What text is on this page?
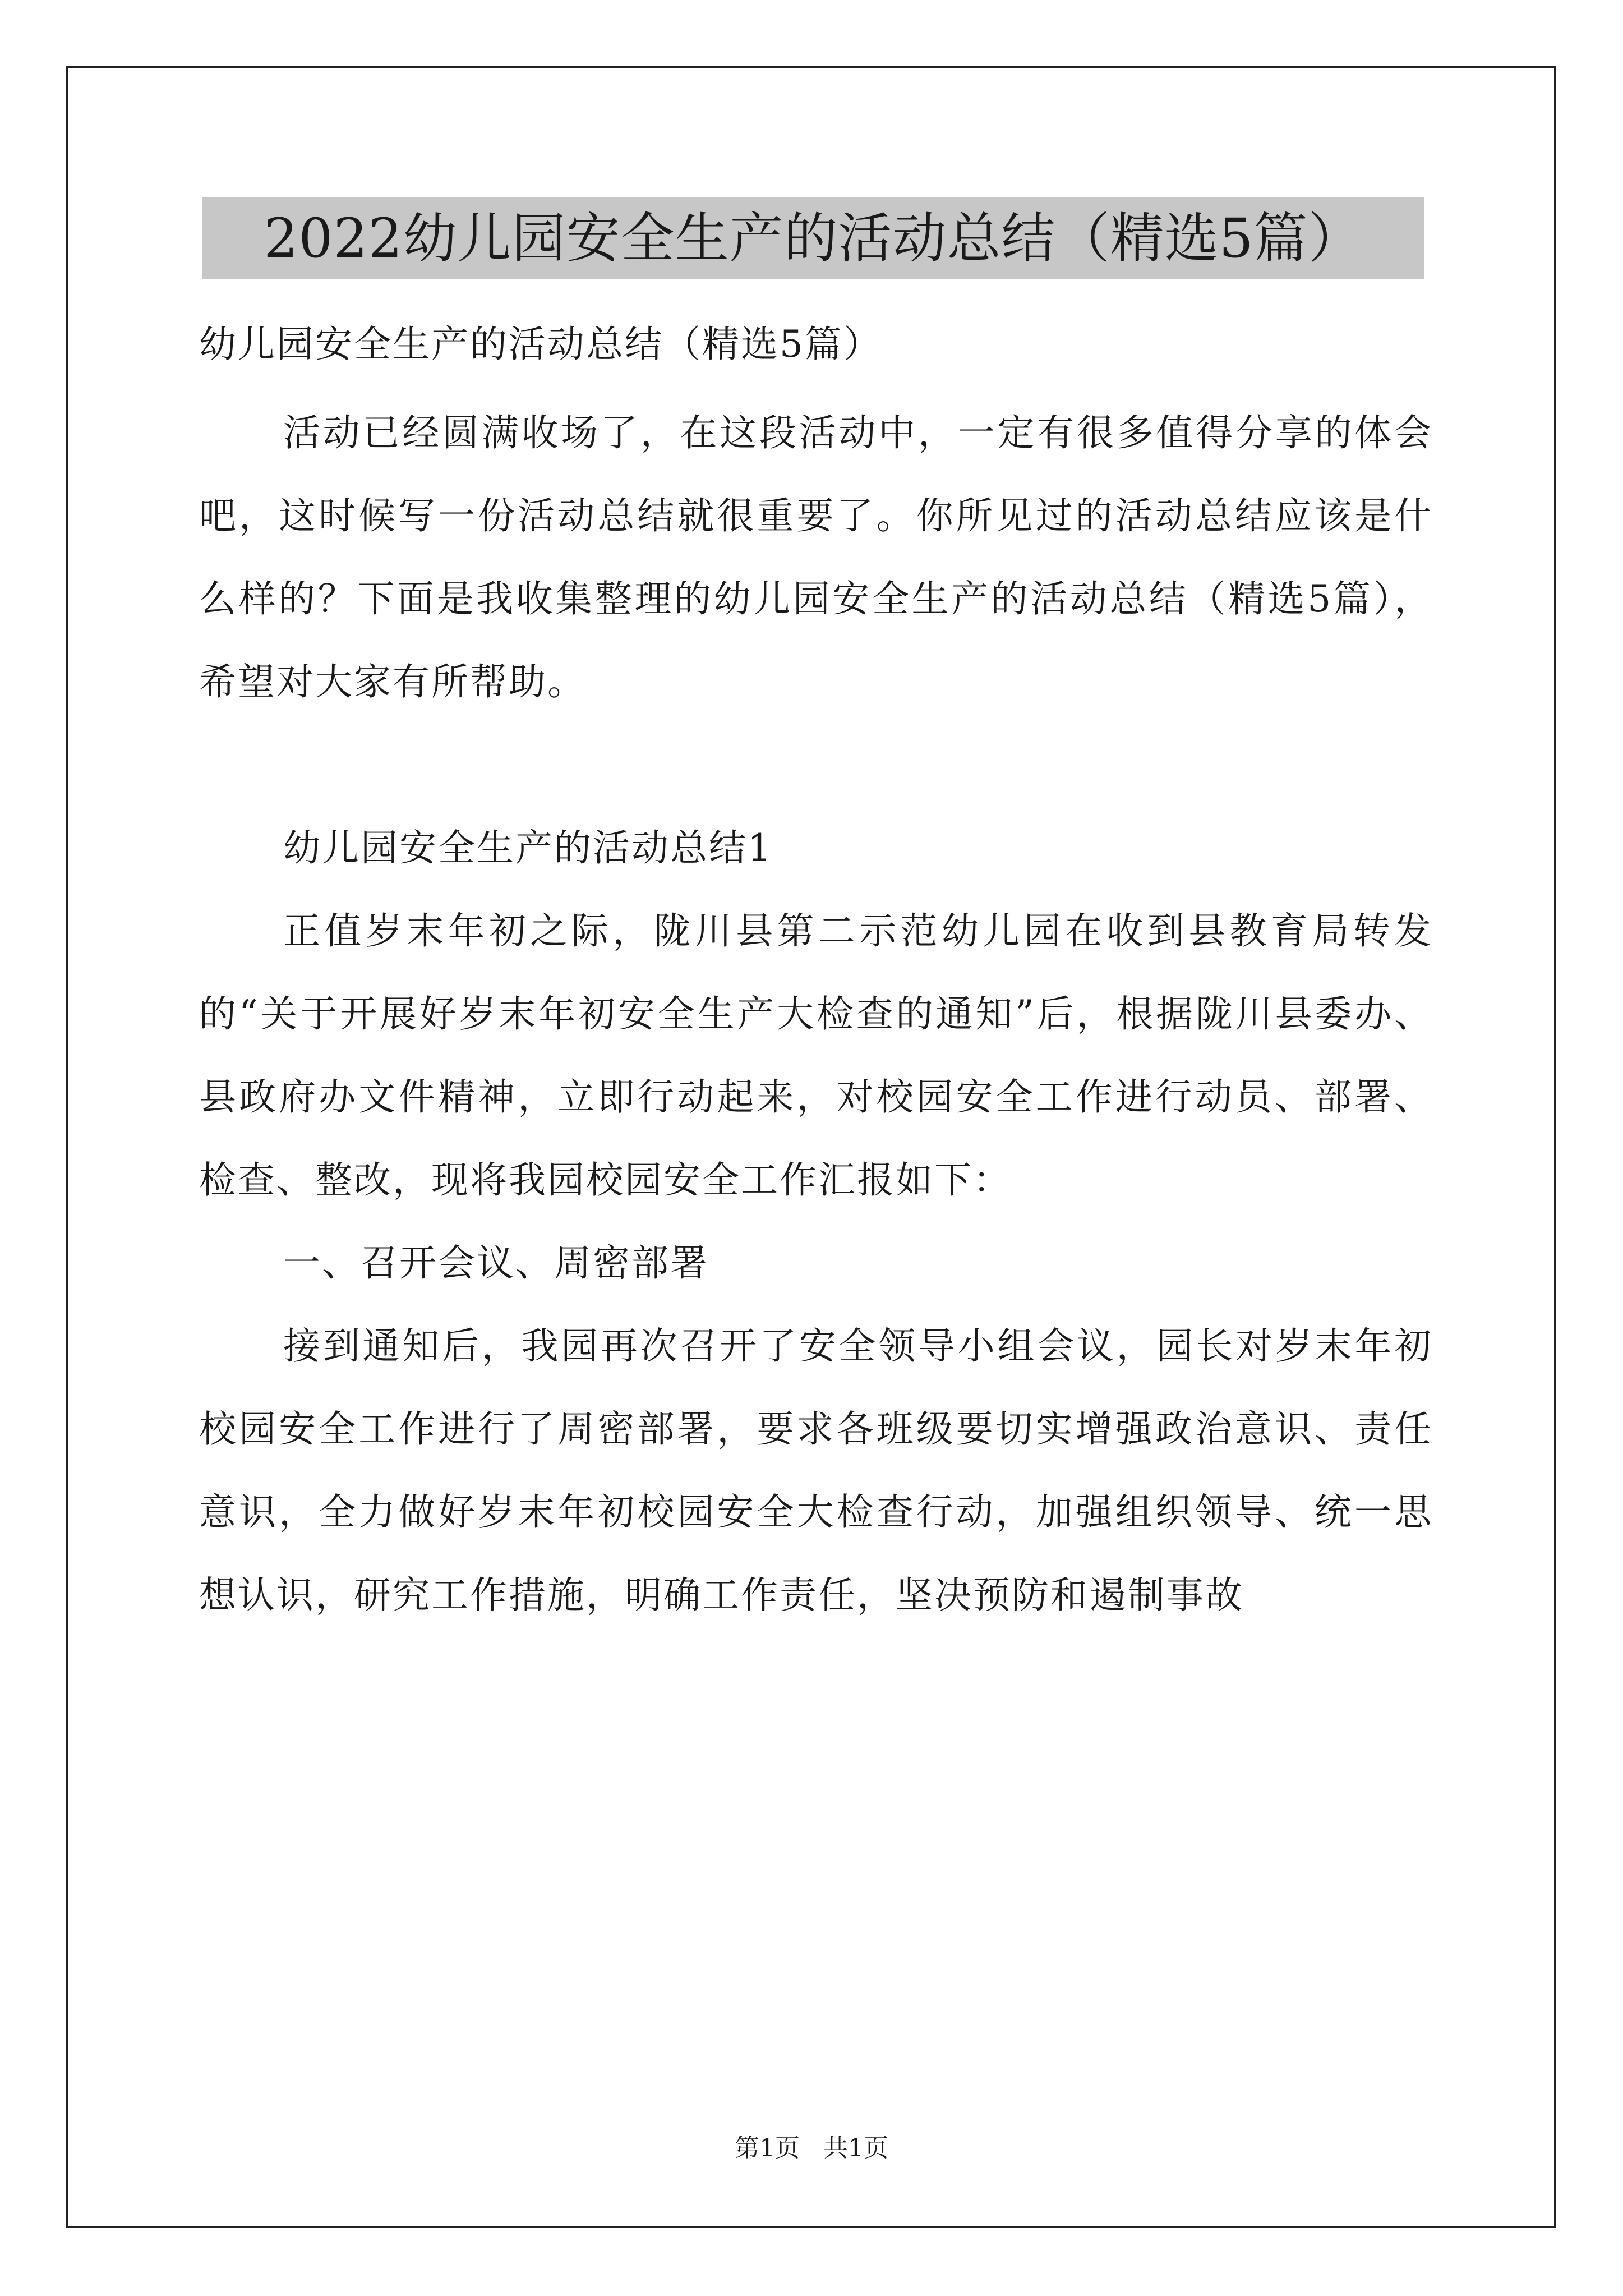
2022幼儿园安全生产的活动总结（精选5篇）

幼儿园安全生产的活动总结（精选5篇）

活动已经圆满收场了，在这段活动中，一定有很多值得分享的体会吧，这时候写一份活动总结就很重要了。你所见过的活动总结应该是什么样的？下面是我收集整理的幼儿园安全生产的活动总结（精选5篇），希望对大家有所帮助。

幼儿园安全生产的活动总结1

正值岁末年初之际，陇川县第二示范幼儿园在收到县教育局转发的“关于开展好岁末年初安全生产大检查的通知”后，根据陇川县委办、县政府办文件精神，立即行动起来，对校园安全工作进行动员、部署、检查、整改，现将我园校园安全工作汇报如下：

一、召开会议、周密部署

接到通知后，我园再次召开了安全领导小组会议，园长对岁末年初校园安全工作进行了周密部署，要求各班级要切实增强政治意识、责任意识，全力做好岁末年初校园安全大检查行动，加强组织领导、统一思想认识，研究工作措施，明确工作责任，坚决预防和遏制事故

第1页   共1页
